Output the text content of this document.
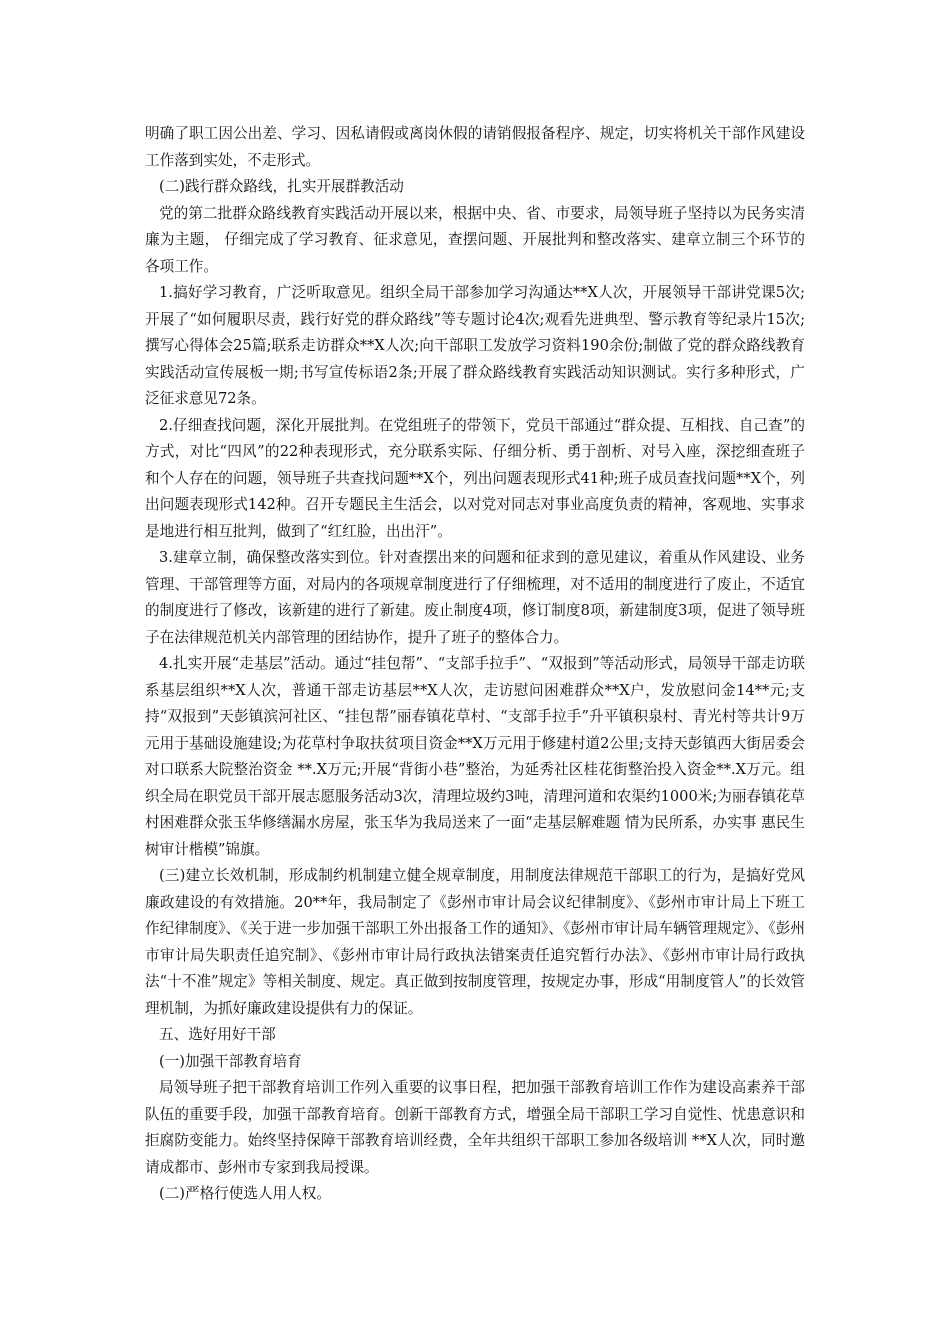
明确了职工因公出差、学习、因私请假或离岗休假的请销假报备程序、规定，切实将机关干部作风建设工作落到实处，不走形式。

(二)践行群众路线，扎实开展群教活动

党的第二批群众路线教育实践活动开展以来，根据中央、省、市要求，局领导班子坚持以为民务实清廉为主题， 仔细完成了学习教育、征求意见，查摆问题、开展批判和整改落实、建章立制三个环节的各项工作。

1.搞好学习教育，广泛听取意见。组织全局干部参加学习沟通达**X人次，开展领导干部讲党课5次;开展了“如何履职尽责，践行好党的群众路线”等专题讨论4次;观看先进典型、警示教育等纪录片15次;撰写心得体会25篇;联系走访群众**X人次;向干部职工发放学习资料190余份;制做了党的群众路线教育实践活动宣传展板一期;书写宣传标语2条;开展了群众路线教育实践活动知识测试。实行多种形式，广泛征求意见72条。

2.仔细查找问题，深化开展批判。在党组班子的带领下，党员干部通过“群众提、互相找、自己查”的方式，对比“四风”的22种表现形式，充分联系实际、仔细分析、勇于剖析、对号入座，深挖细查班子和个人存在的问题，领导班子共查找问题**X个，列出问题表现形式41种;班子成员查找问题**X个，列出问题表现形式142种。召开专题民主生活会，以对党对同志对事业高度负责的精神，客观地、实事求是地进行相互批判，做到了“红红脸，出出汗”。

3.建章立制，确保整改落实到位。针对查摆出来的问题和征求到的意见建议，着重从作风建设、业务管理、干部管理等方面，对局内的各项规章制度进行了仔细梳理，对不适用的制度进行了废止，不适宜的制度进行了修改，该新建的进行了新建。废止制度4项，修订制度8项，新建制度3项，促进了领导班子在法律规范机关内部管理的团结协作，提升了班子的整体合力。

4.扎实开展“走基层”活动。通过“挂包帮”、“支部手拉手”、“双报到”等活动形式，局领导干部走访联系基层组织**X人次，普通干部走访基层**X人次，走访慰问困难群众**X户，发放慰问金14**元;支持“双报到”天彭镇滨河社区、“挂包帮”丽春镇花草村、“支部手拉手”升平镇积泉村、青光村等共计9万元用于基础设施建设;为花草村争取扶贫项目资金**X万元用于修建村道2公里;支持天彭镇西大街居委会对口联系大院整治资金 **.X万元;开展“背街小巷”整治，为延秀社区桂花街整治投入资金**.X万元。组织全局在职党员干部开展志愿服务活动3次，清理垃圾约3吨，清理河道和农渠约1000米;为丽春镇花草村困难群众张玉华修缮漏水房屋，张玉华为我局送来了一面“走基层解难题 情为民所系，办实事 惠民生 树审计楷模”锦旗。

(三)建立长效机制，形成制约机制建立健全规章制度，用制度法律规范干部职工的行为，是搞好党风廉政建设的有效措施。20**年，我局制定了《彭州市审计局会议纪律制度》、《彭州市审计局上下班工作纪律制度》、《关于进一步加强干部职工外出报备工作的通知》、《彭州市审计局车辆管理规定》、《彭州市审计局失职责任追究制》、《彭州市审计局行政执法错案责任追究暂行办法》、《彭州市审计局行政执法“十不准”规定》等相关制度、规定。真正做到按制度管理，按规定办事，形成“用制度管人”的长效管理机制，为抓好廉政建设提供有力的保证。

五、选好用好干部

(一)加强干部教育培育

局领导班子把干部教育培训工作列入重要的议事日程，把加强干部教育培训工作作为建设高素养干部队伍的重要手段，加强干部教育培育。创新干部教育方式，增强全局干部职工学习自觉性、忧患意识和拒腐防变能力。始终坚持保障干部教育培训经费，全年共组织干部职工参加各级培训 **X人次，同时邀请成都市、彭州市专家到我局授课。

(二)严格行使选人用人权。
